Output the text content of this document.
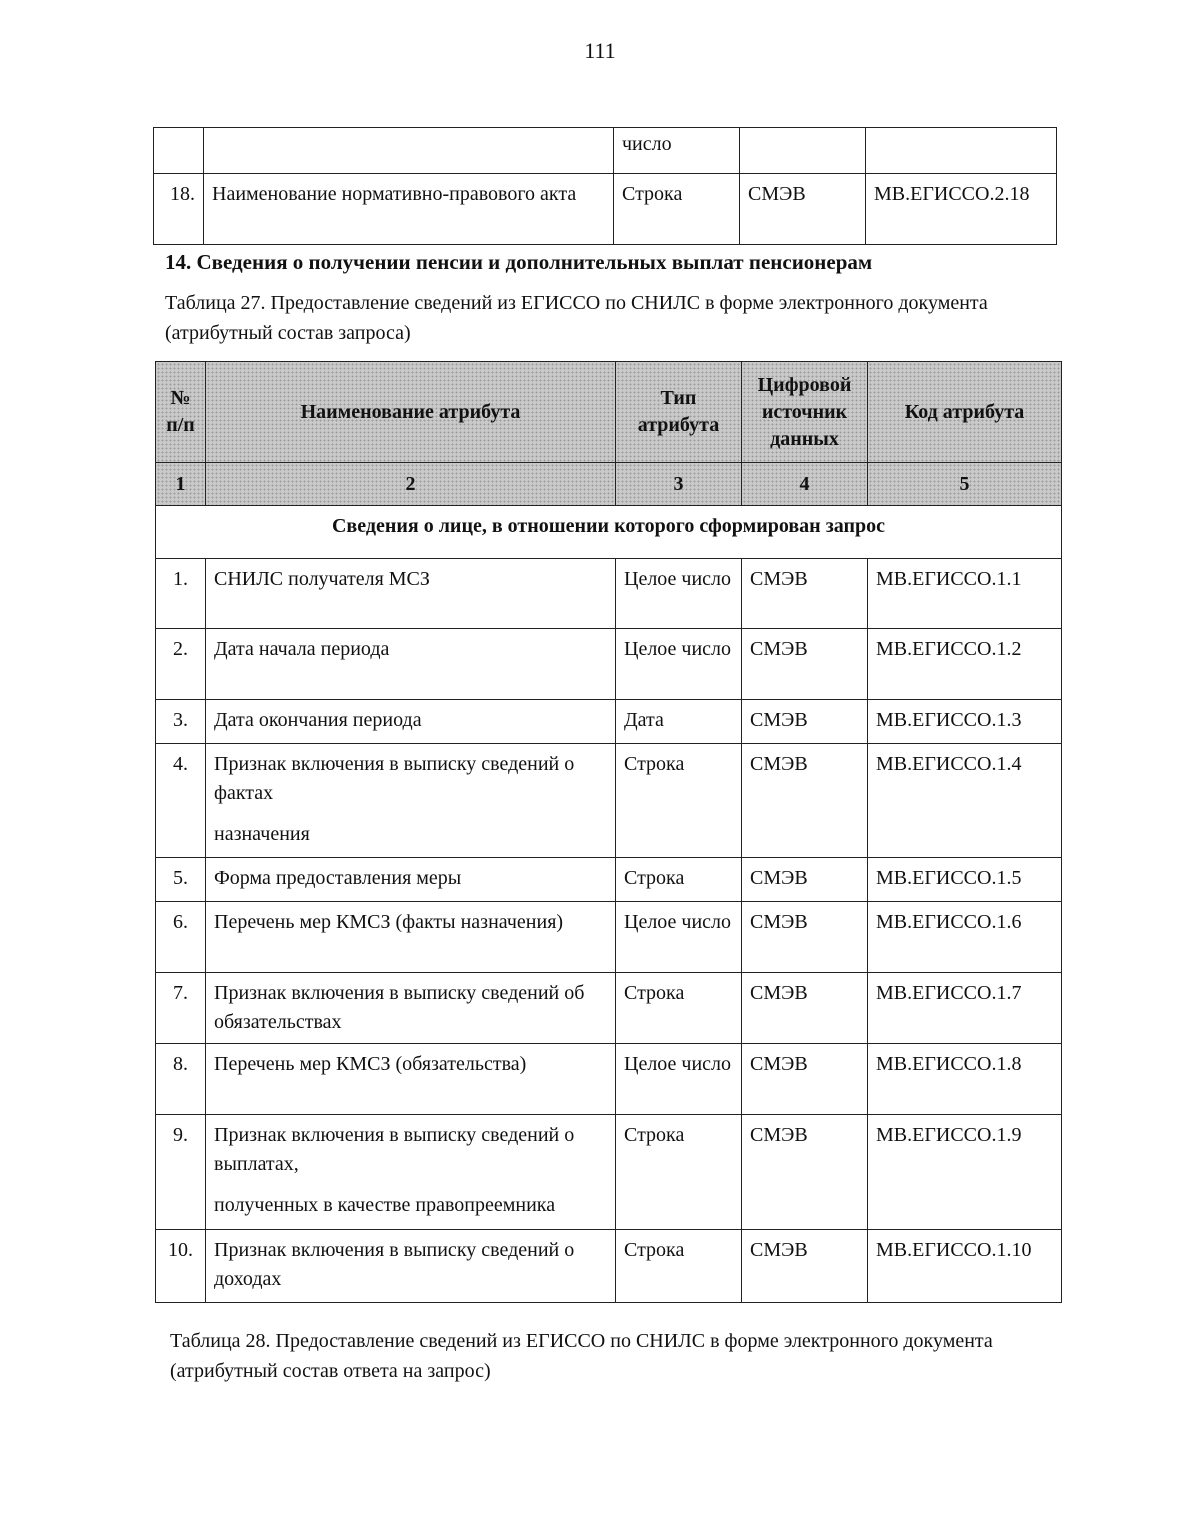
111
		число		
18.	Наименование нормативно-правового акта	Строка	СМЭВ	МВ.ЕГИССО.2.18
14. Сведения о получении пенсии и дополнительных выплат пенсионерам
Таблица 27. Предоставление сведений из ЕГИССО по СНИЛС в форме электронного документа (атрибутный состав запроса)
№ п/п	Наименование атрибута	Тип атрибута	Цифровой источник данных	Код атрибута
1	2	3	4	5
Сведения о лице, в отношении которого сформирован запрос				
1.	СНИЛС получателя МСЗ	Целое число	СМЭВ	МВ.ЕГИССО.1.1
2.	Дата начала периода	Целое число	СМЭВ	МВ.ЕГИССО.1.2
3.	Дата окончания периода	Дата	СМЭВ	МВ.ЕГИССО.1.3
4.	Признак включения в выписку сведений о фактах
назначения	Строка	СМЭВ	МВ.ЕГИССО.1.4
5.	Форма предоставления меры	Строка	СМЭВ	МВ.ЕГИССО.1.5
6.	Перечень мер КМСЗ (факты назначения)	Целое число	СМЭВ	МВ.ЕГИССО.1.6
7.	Признак включения в выписку сведений об обязательствах	Строка	СМЭВ	МВ.ЕГИССО.1.7
8.	Перечень мер КМСЗ (обязательства)	Целое число	СМЭВ	МВ.ЕГИССО.1.8
9.	Признак включения в выписку сведений о выплатах,
полученных в качестве правопреемника	Строка	СМЭВ	МВ.ЕГИССО.1.9
10.	Признак включения в выписку сведений о доходах	Строка	СМЭВ	МВ.ЕГИССО.1.10
Таблица 28. Предоставление сведений из ЕГИССО по СНИЛС в форме электронного документа (атрибутный состав ответа на запрос)
